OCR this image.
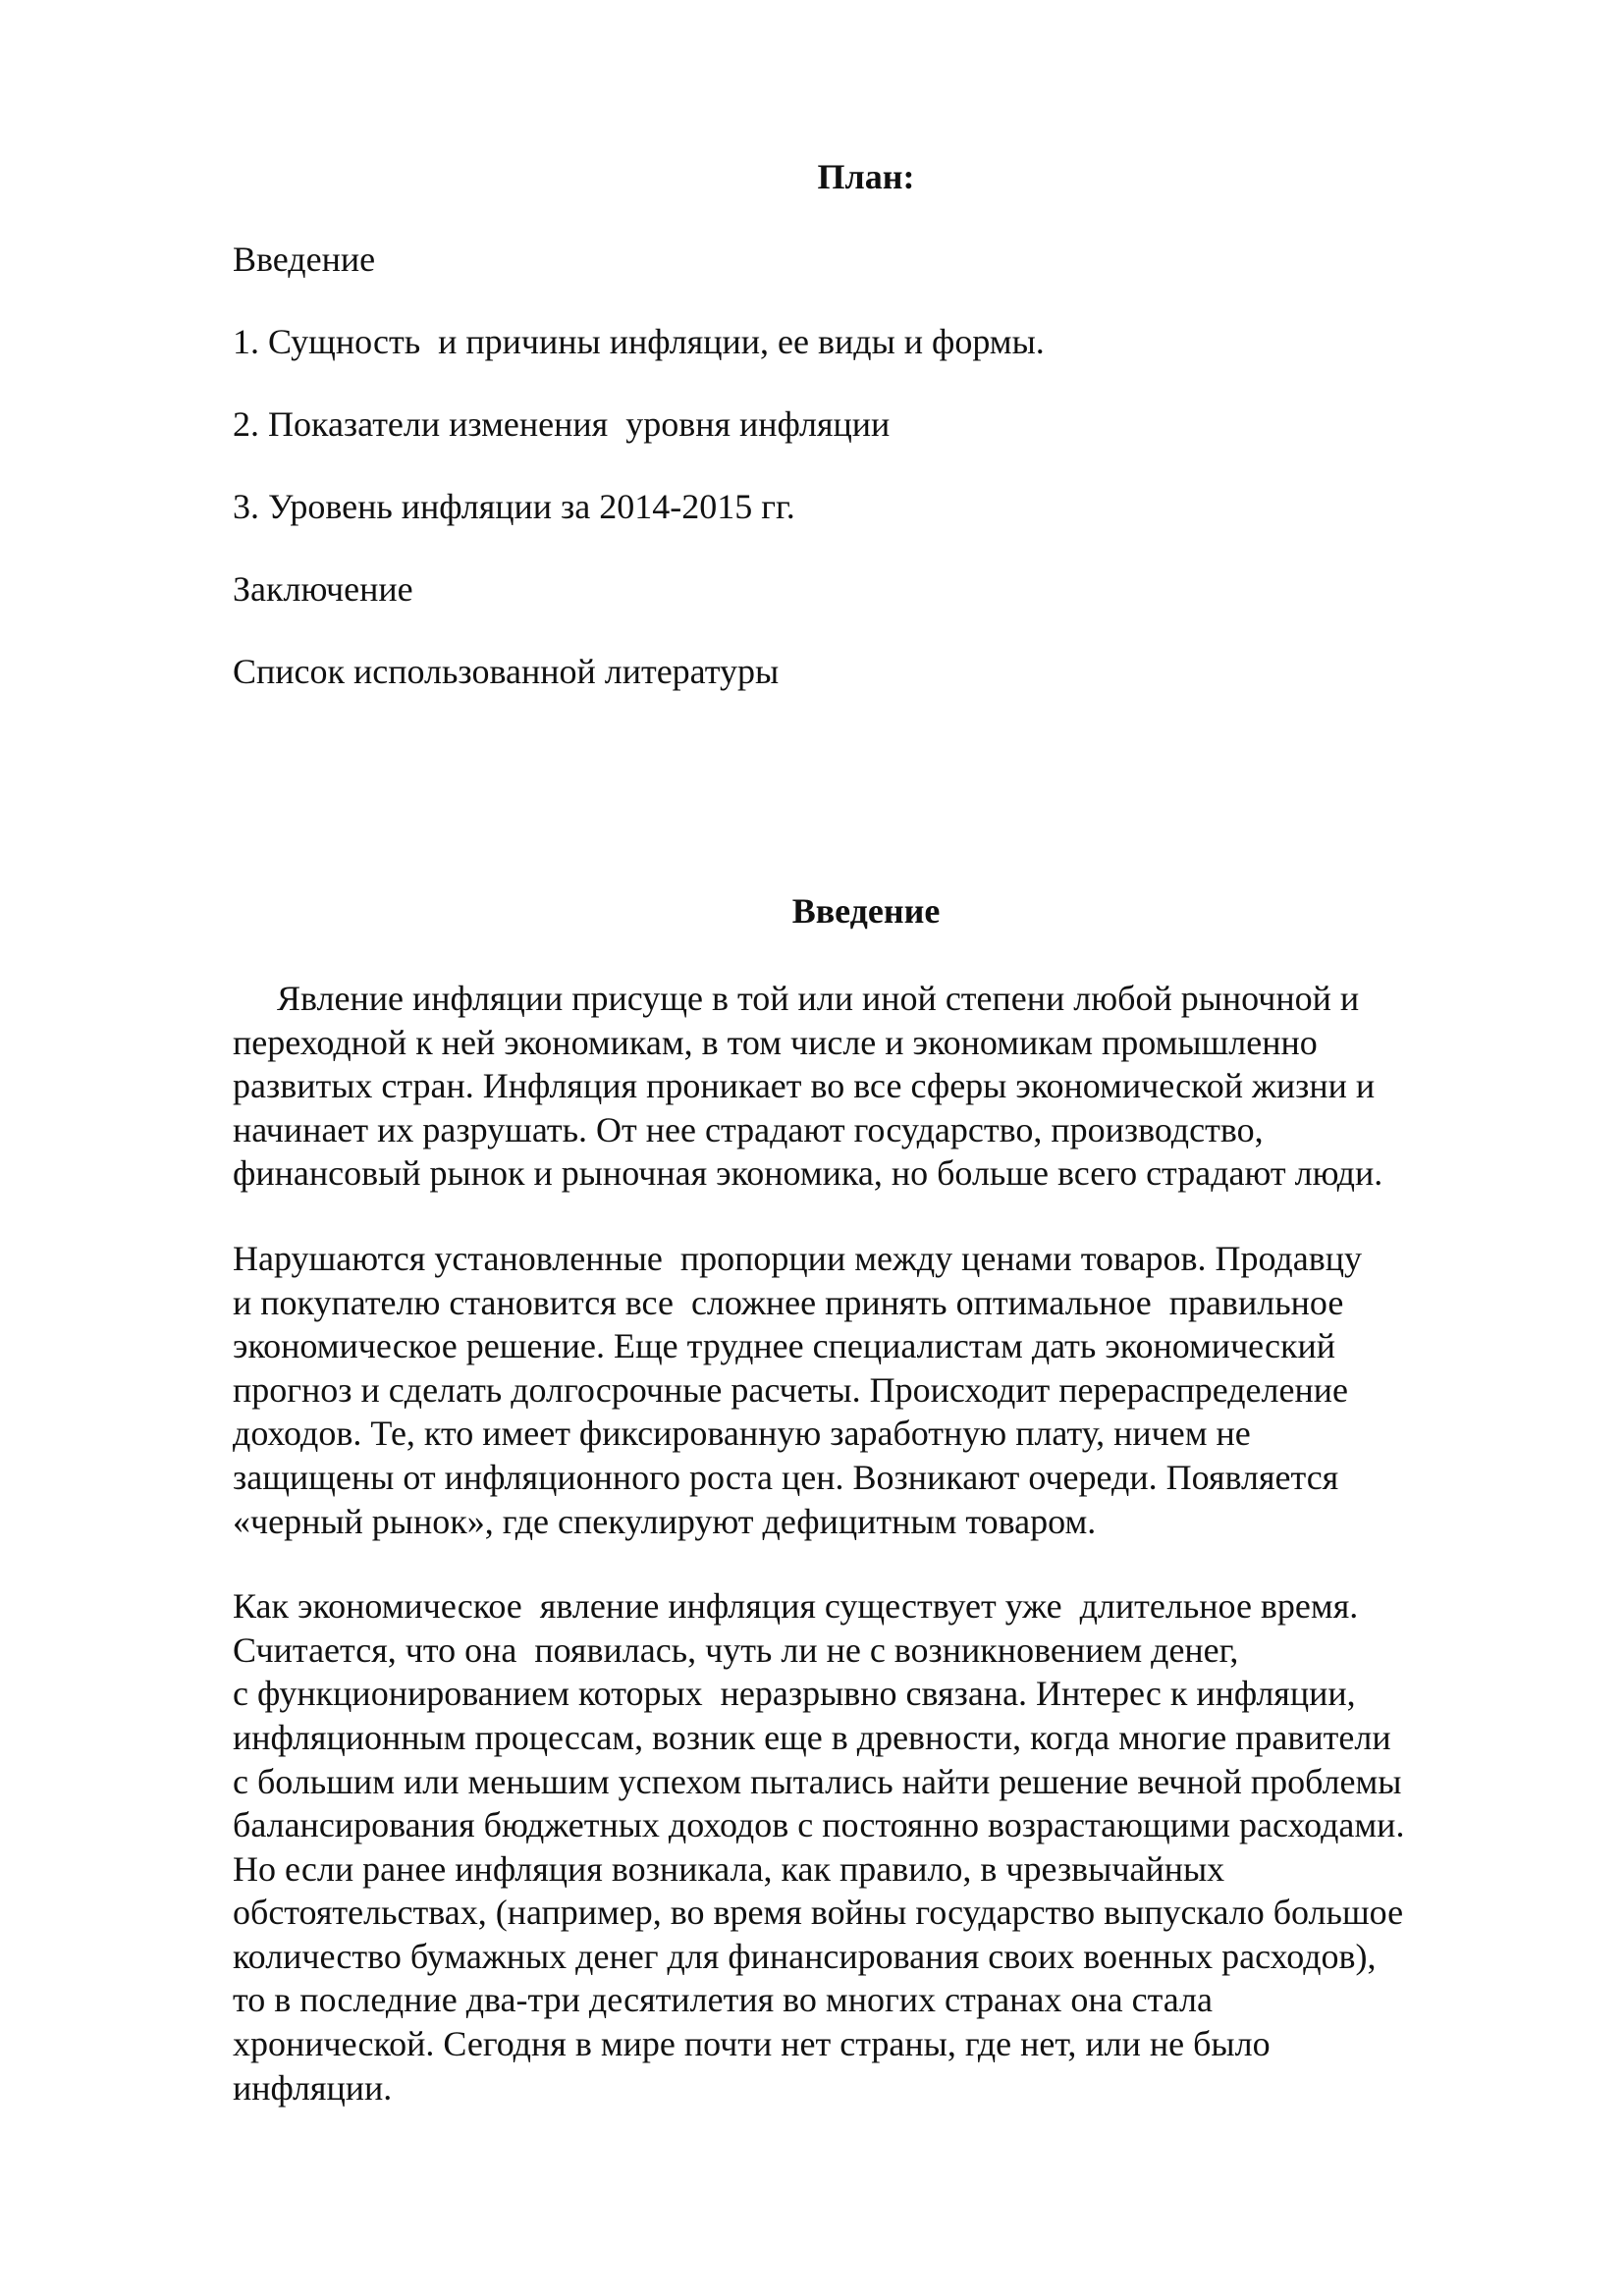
План:
Введение
1. Сущность  и причины инфляции, ее виды и формы.
2. Показатели изменения  уровня инфляции
3. Уровень инфляции за 2014-2015 гг.
Заключение
Список использованной литературы
Введение

Явление инфляции присуще в той или иной степени любой рыночной и
переходной к ней экономикам, в том числе и экономикам промышленно
развитых стран. Инфляция проникает во все сферы экономической жизни и
начинает их разрушать. От нее страдают государство, производство,
финансовый рынок и рыночная экономика, но больше всего страдают люди.

Нарушаются установленные  пропорции между ценами товаров. Продавцу
и покупателю становится все  сложнее принять оптимальное  правильное
экономическое решение. Еще труднее специалистам дать экономический
прогноз и сделать долгосрочные расчеты. Происходит перераспределение
доходов. Те, кто имеет фиксированную заработную плату, ничем не
защищены от инфляционного роста цен. Возникают очереди. Появляется
«черный рынок», где спекулируют дефицитным товаром.

Как экономическое  явление инфляция существует уже  длительное время.
Считается, что она  появилась, чуть ли не с возникновением денег,
с функционированием которых  неразрывно связана. Интерес к инфляции,
инфляционным процессам, возник еще в древности, когда многие правители
с большим или меньшим успехом пытались найти решение вечной проблемы
балансирования бюджетных доходов с постоянно возрастающими расходами.
Но если ранее инфляция возникала, как правило, в чрезвычайных
обстоятельствах, (например, во время войны государство выпускало большое
количество бумажных денег для финансирования своих военных расходов),
то в последние два-три десятилетия во многих странах она стала
хронической. Сегодня в мире почти нет страны, где нет, или не было
инфляции.
